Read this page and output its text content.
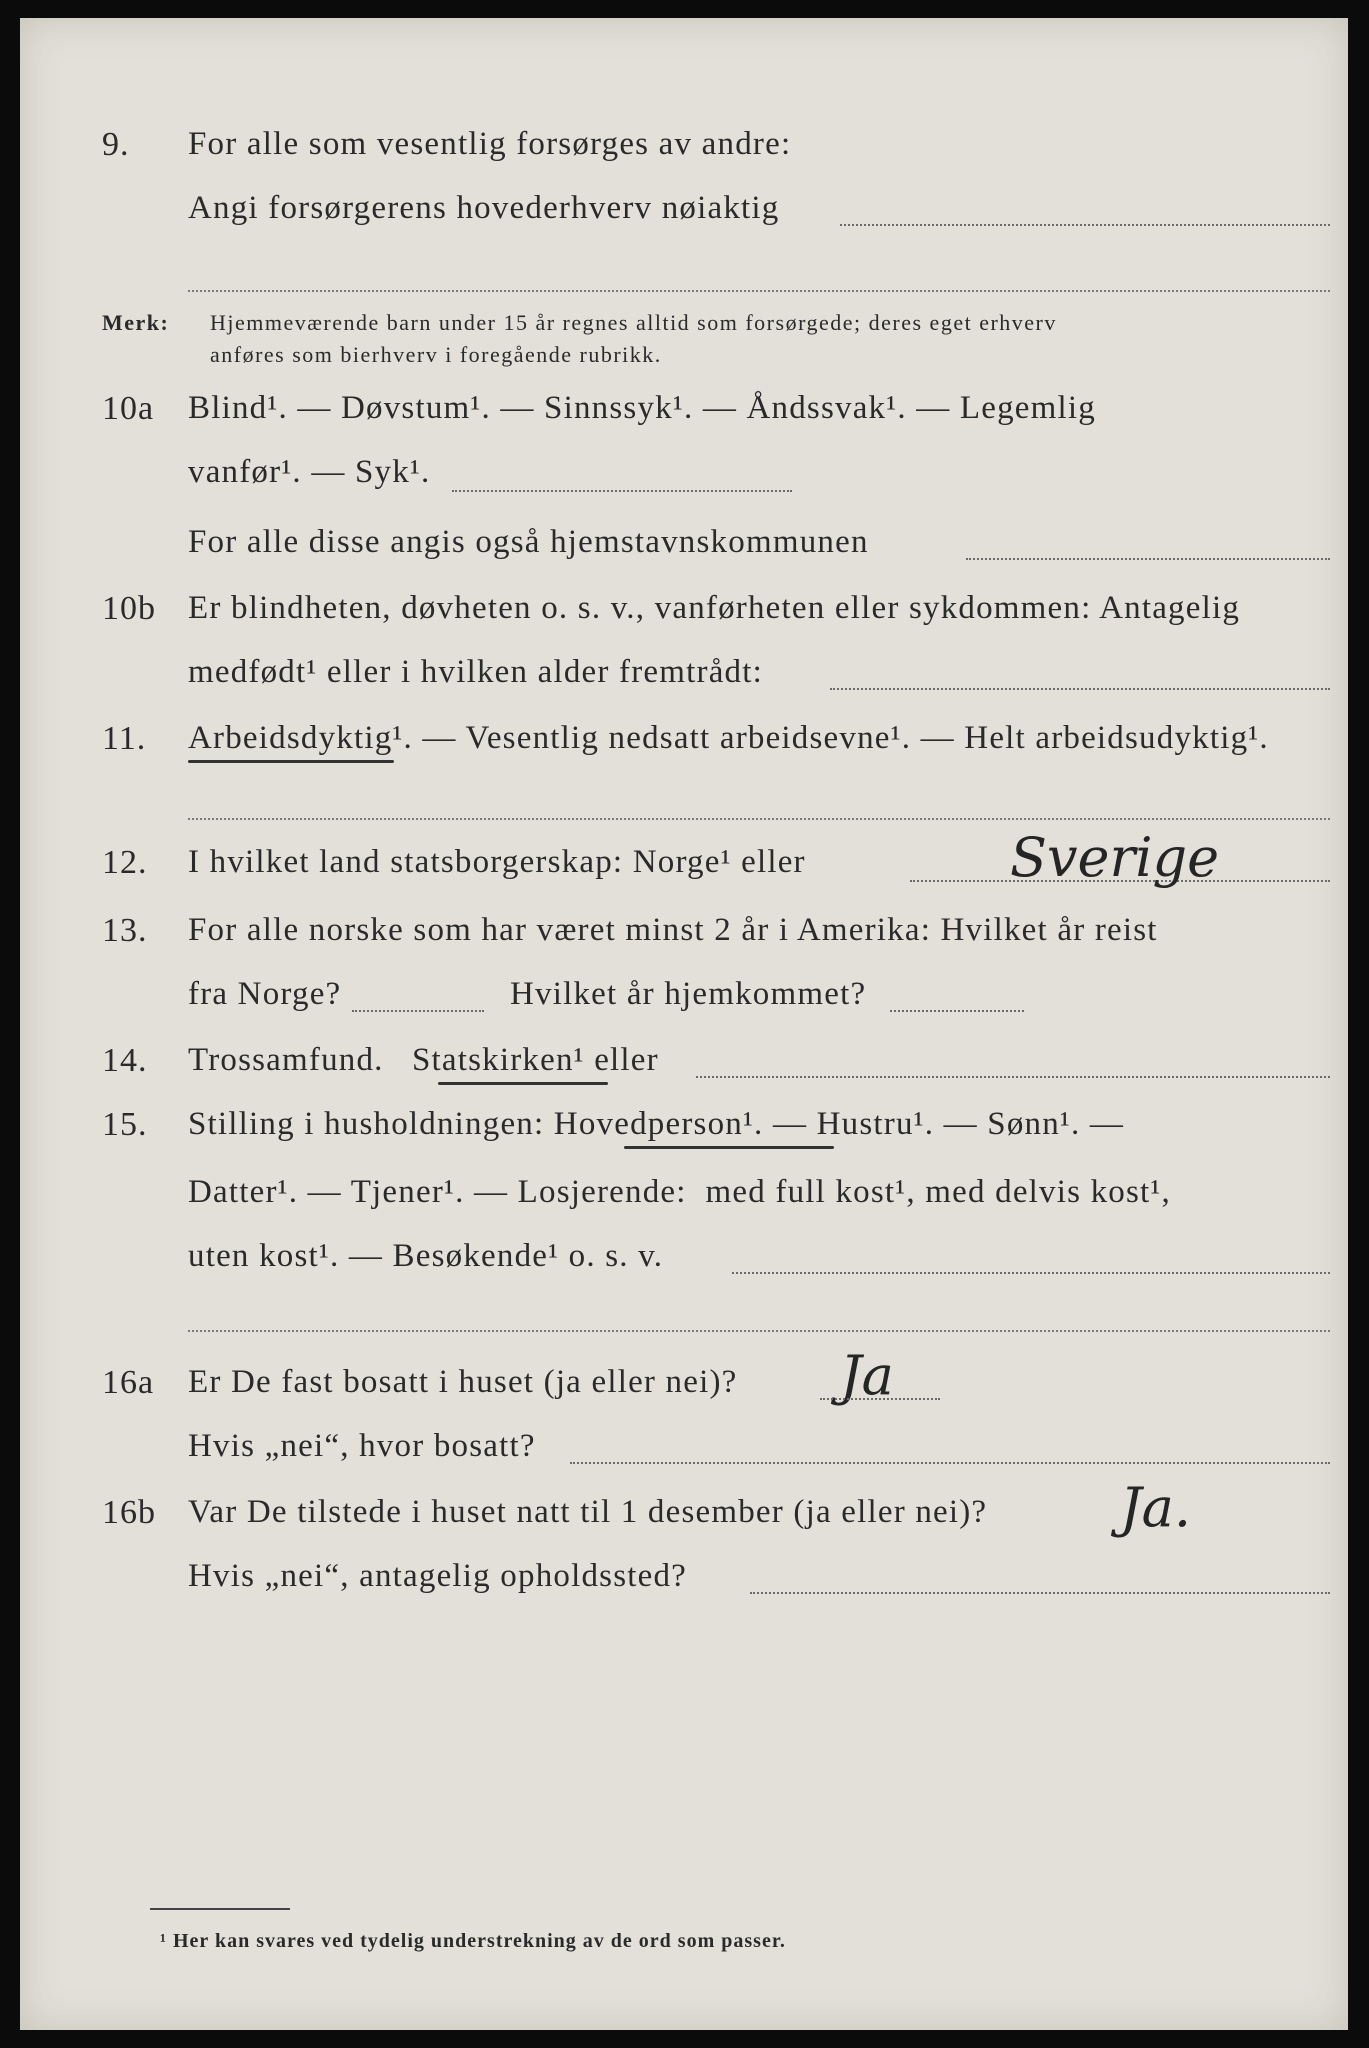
9. For alle som vesentlig forsørges av andre:
Angi forsørgerens hovederhverv nøiaktig
Merk: Hjemmeværende barn under 15 år regnes alltid som forsørgede; deres eget erhverv
anføres som bierhverv i foregående rubrikk.
10a Blind¹. — Døvstum¹. — Sinnssyk¹. — Åndssvak¹. — Legemlig
vanfør¹. — Syk¹.
For alle disse angis også hjemstavnskommunen
10b Er blindheten, døvheten o. s. v., vanførheten eller sykdommen: Antagelig
medfødt¹ eller i hvilken alder fremtrådt:
11. Arbeidsdyktig¹. — Vesentlig nedsatt arbeidsevne¹. — Helt arbeidsudyktig¹.
12. I hvilket land statsborgerskap: Norge¹ eller	Sverige
13. For alle norske som har været minst 2 år i Amerika: Hvilket år reist
fra Norge?	Hvilket år hjemkommet?
14. Trossamfund.   Statskirken¹ eller
15. Stilling i husholdningen: Hovedperson¹. — Hustru¹. — Sønn¹. —
Datter¹. — Tjener¹. — Losjerende:  med full kost¹, med delvis kost¹,
uten kost¹. — Besøkende¹ o. s. v.
16a Er De fast bosatt i huset (ja eller nei)? Ja
Hvis „nei“, hvor bosatt?
16b Var De tilstede i huset natt til 1 desember (ja eller nei)? Ja.
Hvis „nei“, antagelig opholdssted?
¹ Her kan svares ved tydelig understrekning av de ord som passer.
